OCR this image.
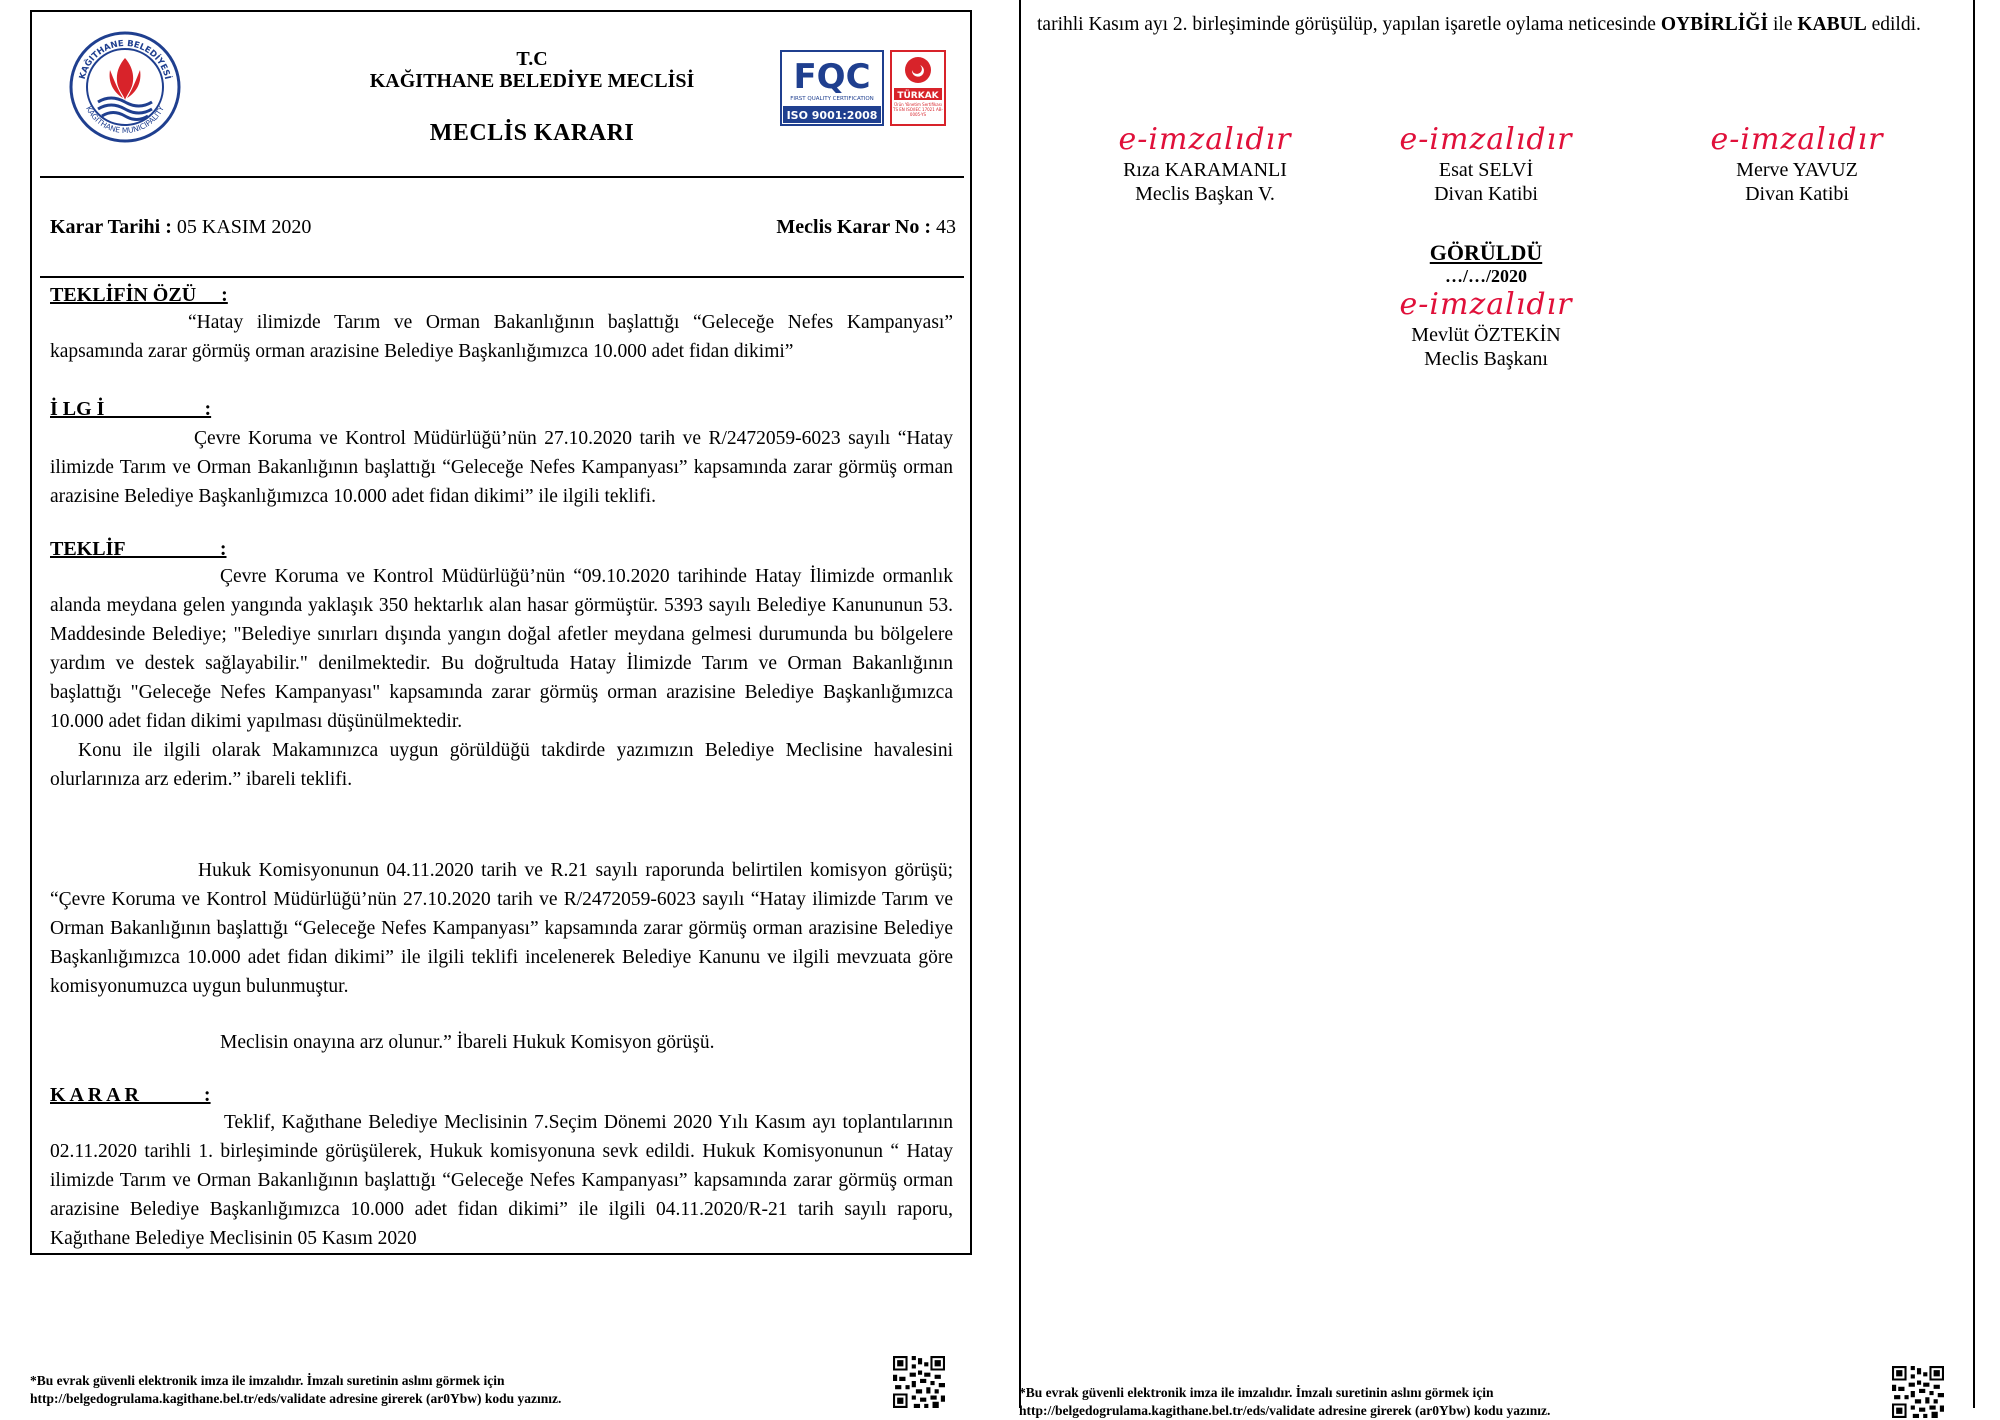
KAĞITHANE BELEDİYESİ
KAĞITHANE MUNICIPALITY
T.C
KAĞITHANE BELEDİYE MECLİSİ
MECLİS KARARI
FQC
FIRST QUALITY CERTIFICATION
ISO 9001:2008
TÜRKAK
Ürün Yönetim Sertifikası TS EN ISO/IEC 17021 AB-0005-YS
Karar Tarihi : 05 KASIM 2020	Meclis Karar No : 43
TEKLİFİN ÖZÜ     :

“Hatay ilimizde Tarım ve Orman Bakanlığının başlattığı “Geleceğe Nefes Kampanyası” kapsamında zarar görmüş orman arazisine Belediye Başkanlığımızca 10.000 adet fidan dikimi”

İ LG İ                    :

Çevre Koruma ve Kontrol Müdürlüğü’nün 27.10.2020 tarih ve R/2472059-6023 sayılı “Hatay ilimizde Tarım ve Orman Bakanlığının başlattığı “Geleceğe Nefes Kampanyası” kapsamında zarar görmüş orman arazisine Belediye Başkanlığımızca 10.000 adet fidan dikimi” ile ilgili teklifi.

TEKLİF                   :

Çevre Koruma ve Kontrol Müdürlüğü’nün “09.10.2020 tarihinde Hatay İlimizde ormanlık alanda meydana gelen yangında yaklaşık 350 hektarlık alan hasar görmüştür. 5393 sayılı Belediye Kanununun 53. Maddesinde Belediye; "Belediye sınırları dışında yangın doğal afetler meydana gelmesi durumunda bu bölgelere yardım ve destek sağlayabilir." denilmektedir. Bu doğrultuda Hatay İlimizde Tarım ve Orman Bakanlığının başlattığı "Geleceğe Nefes Kampanyası" kapsamında zarar görmüş orman arazisine Belediye Başkanlığımızca 10.000 adet fidan dikimi yapılması düşünülmektedir.

Konu ile ilgili olarak Makamınızca uygun görüldüğü takdirde yazımızın Belediye Meclisine havalesini olurlarınıza arz ederim.” ibareli teklifi.

Hukuk Komisyonunun 04.11.2020 tarih ve R.21 sayılı raporunda belirtilen komisyon görüşü; “Çevre Koruma ve Kontrol Müdürlüğü’nün 27.10.2020 tarih ve R/2472059-6023 sayılı “Hatay ilimizde Tarım ve Orman Bakanlığının başlattığı “Geleceğe Nefes Kampanyası” kapsamında zarar görmüş orman arazisine Belediye Başkanlığımızca 10.000 adet fidan dikimi” ile ilgili teklifi incelenerek Belediye Kanunu ve ilgili mevzuata göre komisyonumuzca uygun bulunmuştur.

Meclisin onayına arz olunur.” İbareli Hukuk Komisyon görüşü.

K A R A R             :

Teklif, Kağıthane Belediye Meclisinin 7.Seçim Dönemi 2020 Yılı Kasım ayı toplantılarının 02.11.2020 tarihli 1. birleşiminde görüşülerek, Hukuk komisyonuna sevk edildi. Hukuk Komisyonunun “ Hatay ilimizde Tarım ve Orman Bakanlığının başlattığı “Geleceğe Nefes Kampanyası” kapsamında zarar görmüş orman arazisine Belediye Başkanlığımızca 10.000 adet fidan dikimi” ile ilgili 04.11.2020/R-21 tarih sayılı raporu, Kağıthane Belediye Meclisinin 05 Kasım 2020

*Bu evrak güvenli elektronik imza ile imzalıdır. İmzalı suretinin aslını görmek için
http://belgedogrulama.kagithane.bel.tr/eds/validate adresine girerek (ar0Ybw) kodu yazınız.
tarihli Kasım ayı 2. birleşiminde görüşülüp, yapılan işaretle oylama neticesinde OYBİRLİĞİ ile KABUL edildi.
e-imzalıdır
Rıza KARAMANLI
Meclis Başkan V.
e-imzalıdır
Esat SELVİ
Divan Katibi
e-imzalıdır
Merve YAVUZ
Divan Katibi
GÖRÜLDÜ
…/…/2020
e-imzalıdır
Mevlüt ÖZTEKİN
Meclis Başkanı
*Bu evrak güvenli elektronik imza ile imzalıdır. İmzalı suretinin aslını görmek için
http://belgedogrulama.kagithane.bel.tr/eds/validate adresine girerek (ar0Ybw) kodu yazınız.
